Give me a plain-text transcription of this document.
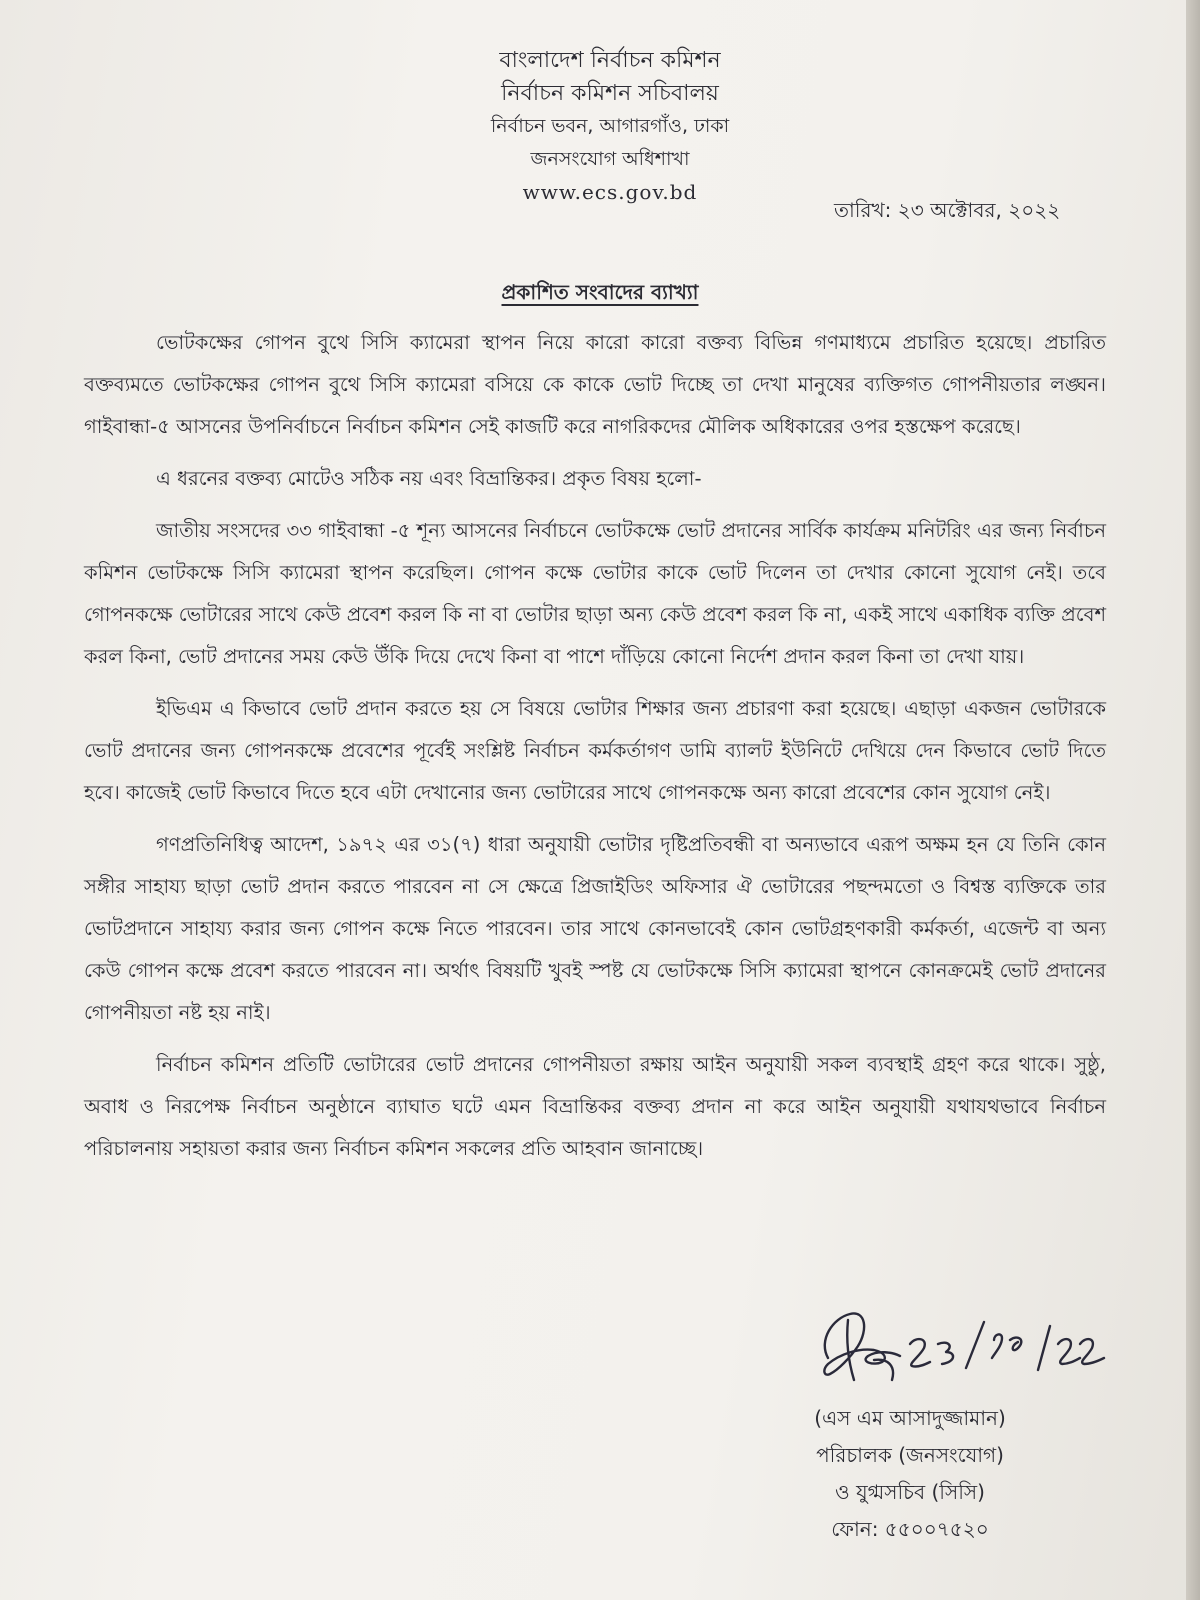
বাংলাদেশ নির্বাচন কমিশন
নির্বাচন কমিশন সচিবালয়
নির্বাচন ভবন, আগারগাঁও, ঢাকা
জনসংযোগ অধিশাখা
www.ecs.gov.bd
তারিখ: ২৩ অক্টোবর, ২০২২
প্রকাশিত সংবাদের ব্যাখ্যা

ভোটকক্ষের গোপন বুথে সিসি ক্যামেরা স্থাপন নিয়ে কারো কারো বক্তব্য বিভিন্ন গণমাধ্যমে প্রচারিত হয়েছে। প্রচারিত বক্তব্যমতে ভোটকক্ষের গোপন বুথে সিসি ক্যামেরা বসিয়ে কে কাকে ভোট দিচ্ছে তা দেখা মানুষের ব্যক্তিগত গোপনীয়তার লঙ্ঘন। গাইবান্ধা-৫ আসনের উপনির্বাচনে নির্বাচন কমিশন সেই কাজটি করে নাগরিকদের মৌলিক অধিকারের ওপর হস্তক্ষেপ করেছে।

এ ধরনের বক্তব্য মোটেও সঠিক নয় এবং বিভ্রান্তিকর। প্রকৃত বিষয় হলো-

জাতীয় সংসদের ৩৩ গাইবান্ধা -৫ শূন্য আসনের নির্বাচনে ভোটকক্ষে ভোট প্রদানের সার্বিক কার্যক্রম মনিটরিং এর জন্য নির্বাচন কমিশন ভোটকক্ষে সিসি ক্যামেরা স্থাপন করেছিল। গোপন কক্ষে ভোটার কাকে ভোট দিলেন তা দেখার কোনো সুযোগ নেই। তবে গোপনকক্ষে ভোটারের সাথে কেউ প্রবেশ করল কি না বা ভোটার ছাড়া অন্য কেউ প্রবেশ করল কি না, একই সাথে একাধিক ব্যক্তি প্রবেশ করল কিনা, ভোট প্রদানের সময় কেউ উঁকি দিয়ে দেখে কিনা বা পাশে দাঁড়িয়ে কোনো নির্দেশ প্রদান করল কিনা তা দেখা যায়।

ইভিএম এ কিভাবে ভোট প্রদান করতে হয় সে বিষয়ে ভোটার শিক্ষার জন্য প্রচারণা করা হয়েছে। এছাড়া একজন ভোটারকে ভোট প্রদানের জন্য গোপনকক্ষে প্রবেশের পূর্বেই সংশ্লিষ্ট নির্বাচন কর্মকর্তাগণ ডামি ব্যালট ইউনিটে দেখিয়ে দেন কিভাবে ভোট দিতে হবে। কাজেই ভোট কিভাবে দিতে হবে এটা দেখানোর জন্য ভোটারের সাথে গোপনকক্ষে অন্য কারো প্রবেশের কোন সুযোগ নেই।

গণপ্রতিনিধিত্ব আদেশ, ১৯৭২ এর ৩১(৭) ধারা অনুযায়ী ভোটার দৃষ্টিপ্রতিবন্ধী বা অন্যভাবে এরূপ অক্ষম হন যে তিনি কোন সঙ্গীর সাহায্য ছাড়া ভোট প্রদান করতে পারবেন না সে ক্ষেত্রে প্রিজাইডিং অফিসার ঐ ভোটারের পছন্দমতো ও বিশ্বস্ত ব্যক্তিকে তার ভোটপ্রদানে সাহায্য করার জন্য গোপন কক্ষে নিতে পারবেন। তার সাথে কোনভাবেই কোন ভোটগ্রহণকারী কর্মকর্তা, এজেন্ট বা অন্য কেউ গোপন কক্ষে প্রবেশ করতে পারবেন না। অর্থাৎ বিষয়টি খুবই স্পষ্ট যে ভোটকক্ষে সিসি ক্যামেরা স্থাপনে কোনক্রমেই ভোট প্রদানের গোপনীয়তা নষ্ট হয় নাই।

নির্বাচন কমিশন প্রতিটি ভোটারের ভোট প্রদানের গোপনীয়তা রক্ষায় আইন অনুযায়ী সকল ব্যবস্থাই গ্রহণ করে থাকে। সুষ্ঠু, অবাধ ও নিরপেক্ষ নির্বাচন অনুষ্ঠানে ব্যাঘাত ঘটে এমন বিভ্রান্তিকর বক্তব্য প্রদান না করে আইন অনুযায়ী যথাযথভাবে নির্বাচন পরিচালনায় সহায়তা করার জন্য নির্বাচন কমিশন সকলের প্রতি আহবান জানাচ্ছে।

(এস এম আসাদুজ্জামান)
পরিচালক (জনসংযোগ)
ও যুগ্মসচিব (সিসি)
ফোন: ৫৫০০৭৫২০
